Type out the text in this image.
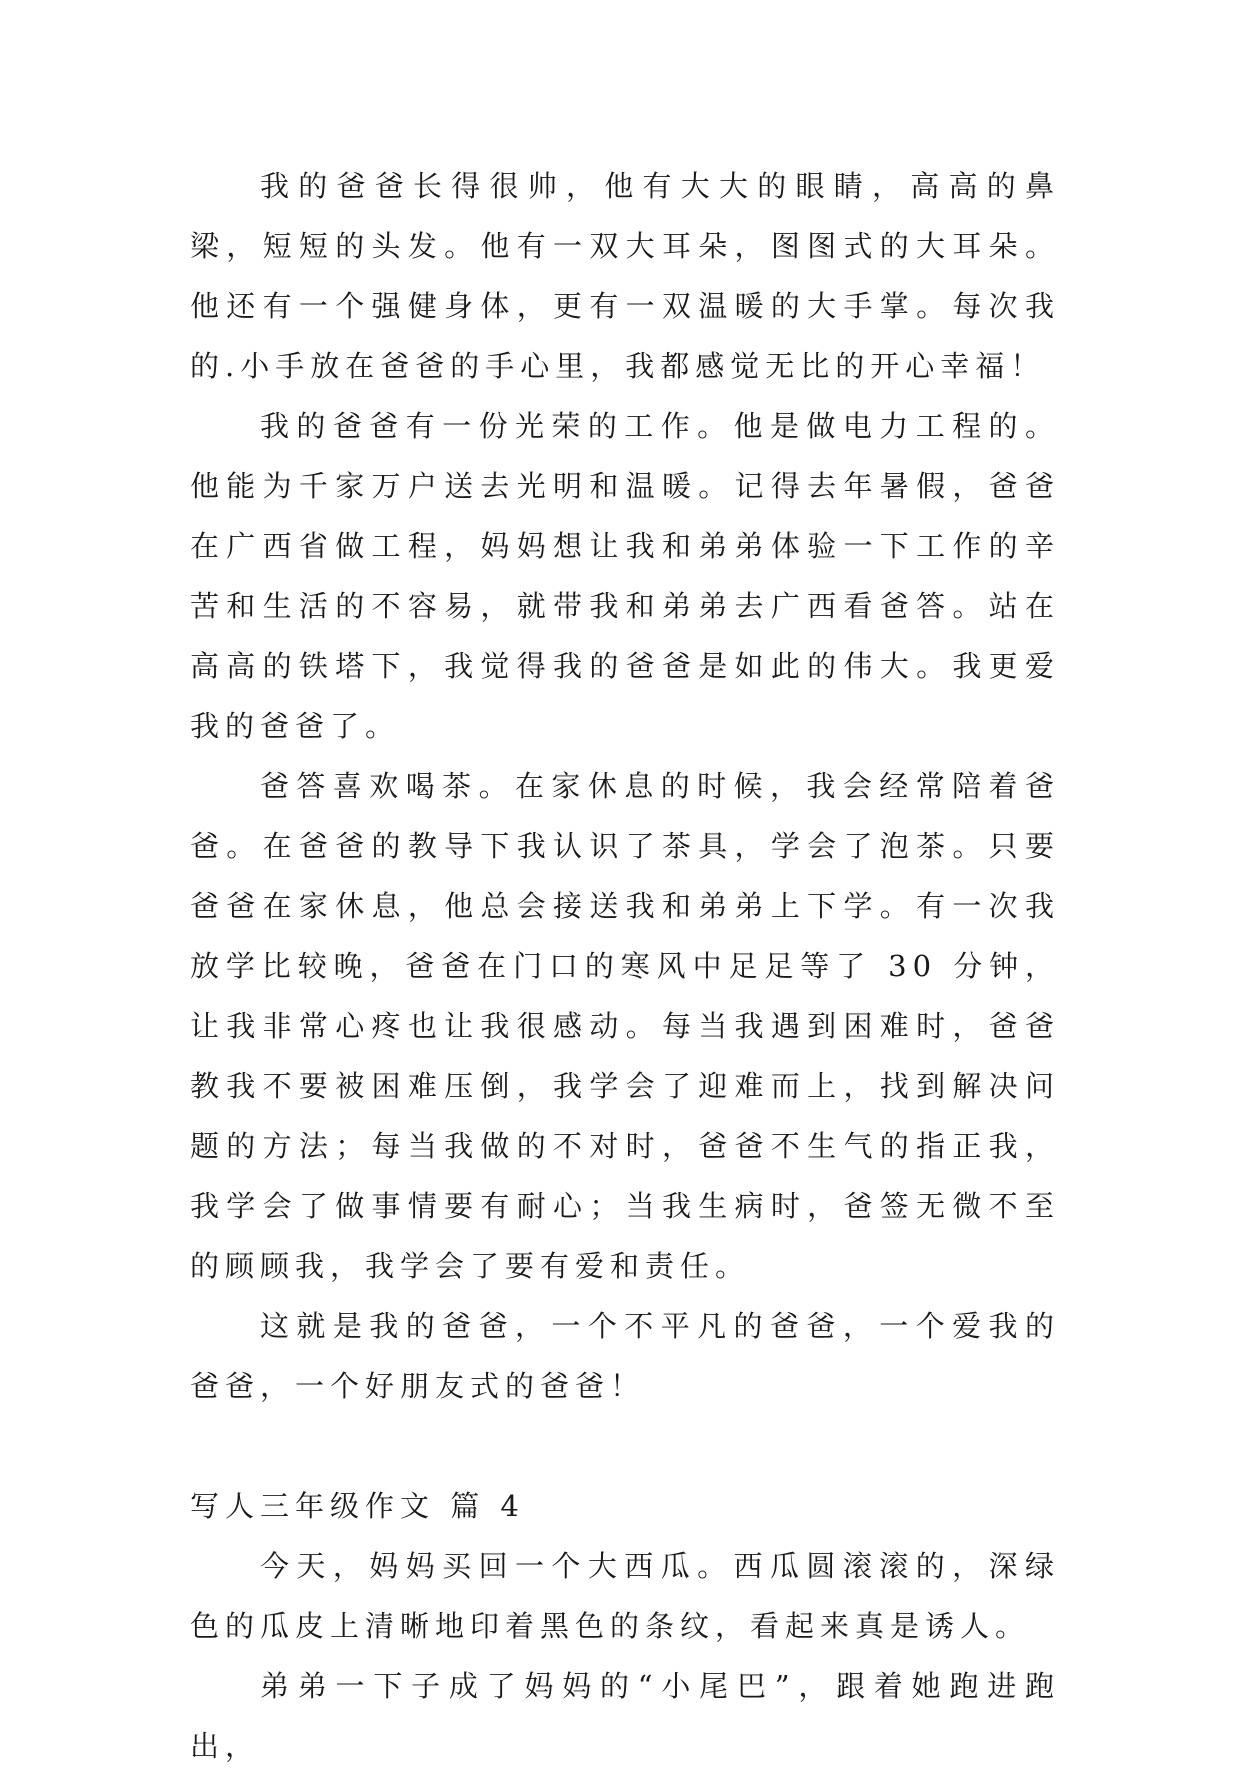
我的爸爸长得很帅，他有大大的眼睛，高高的鼻梁，短短的头发。他有一双大耳朵，图图式的大耳朵。他还有一个强健身体，更有一双温暖的大手掌。每次我的.小手放在爸爸的手心里，我都感觉无比的开心幸福！

我的爸爸有一份光荣的工作。他是做电力工程的。他能为千家万户送去光明和温暖。记得去年暑假，爸爸在广西省做工程，妈妈想让我和弟弟体验一下工作的辛苦和生活的不容易，就带我和弟弟去广西看爸答。站在高高的铁塔下，我觉得我的爸爸是如此的伟大。我更爱我的爸爸了。

爸答喜欢喝茶。在家休息的时候，我会经常陪着爸爸。在爸爸的教导下我认识了茶具，学会了泡茶。只要爸爸在家休息，他总会接送我和弟弟上下学。有一次我放学比较晚，爸爸在门口的寒风中足足等了 30 分钟，让我非常心疼也让我很感动。每当我遇到困难时，爸爸教我不要被困难压倒，我学会了迎难而上，找到解决问题的方法；每当我做的不对时，爸爸不生气的指正我，我学会了做事情要有耐心；当我生病时，爸签无微不至的顾顾我，我学会了要有爱和责任。

这就是我的爸爸，一个不平凡的爸爸，一个爱我的爸爸，一个好朋友式的爸爸！

写人三年级作文 篇 4

今天，妈妈买回一个大西瓜。西瓜圆滚滚的，深绿色的瓜皮上清晰地印着黑色的条纹，看起来真是诱人。

弟弟一下子成了妈妈的“小尾巴”，跟着她跑进跑出，
